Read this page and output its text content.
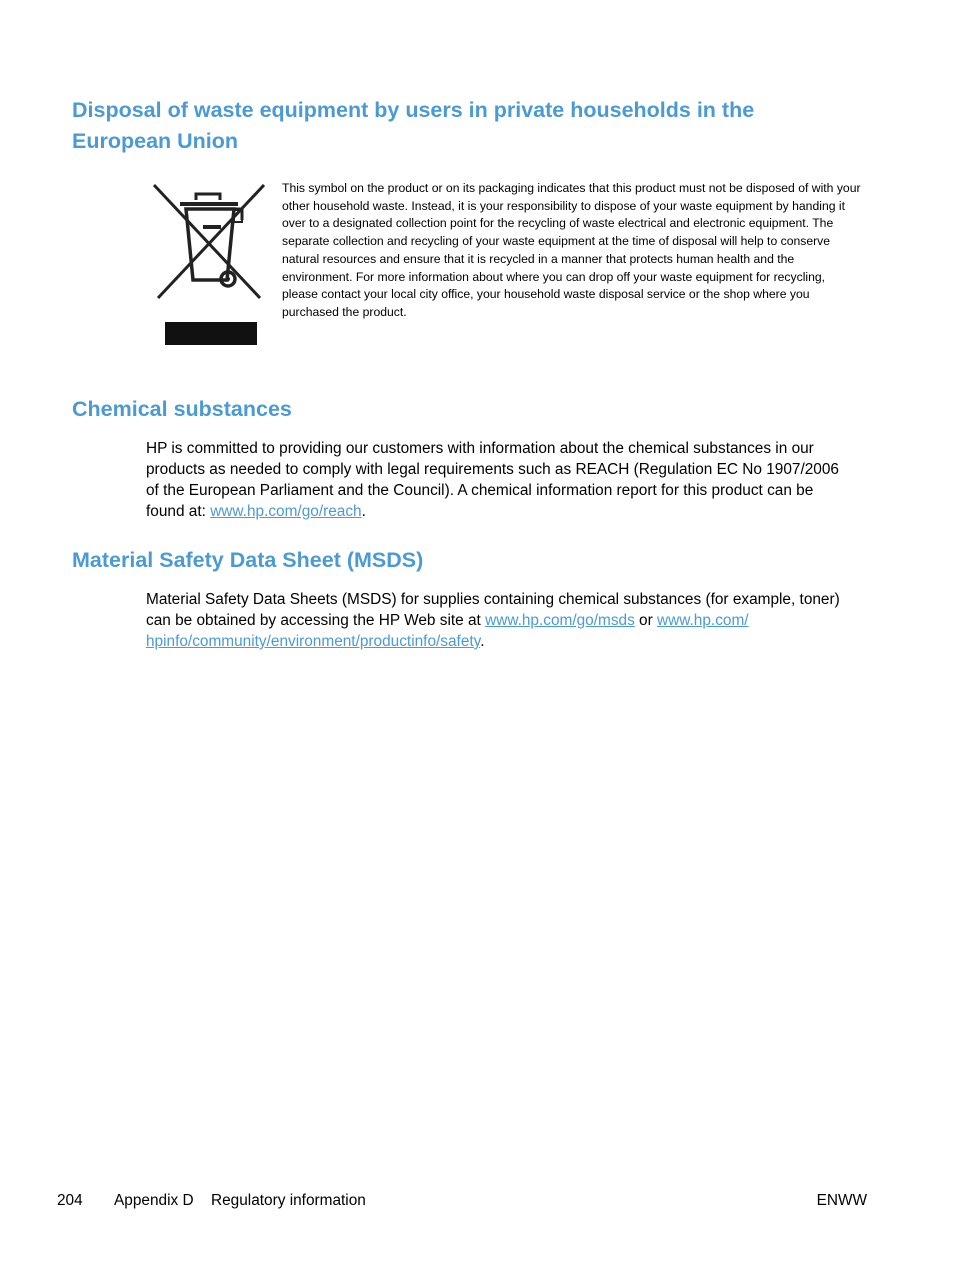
Disposal of waste equipment by users in private households in the European Union

This symbol on the product or on its packaging indicates that this product must not be disposed of with your other household waste. Instead, it is your responsibility to dispose of your waste equipment by handing it over to a designated collection point for the recycling of waste electrical and electronic equipment. The separate collection and recycling of your waste equipment at the time of disposal will help to conserve natural resources and ensure that it is recycled in a manner that protects human health and the environment. For more information about where you can drop off your waste equipment for recycling, please contact your local city office, your household waste disposal service or the shop where you purchased the product.

Chemical substances

HP is committed to providing our customers with information about the chemical substances in our products as needed to comply with legal requirements such as REACH (Regulation EC No 1907/2006 of the European Parliament and the Council). A chemical information report for this product can be found at: www.hp.com/go/reach.

Material Safety Data Sheet (MSDS)

Material Safety Data Sheets (MSDS) for supplies containing chemical substances (for example, toner) can be obtained by accessing the HP Web site at www.hp.com/go/msds or www.hp.com/ hpinfo/community/environment/productinfo/safety.

204 Appendix D Regulatory information	ENWW
